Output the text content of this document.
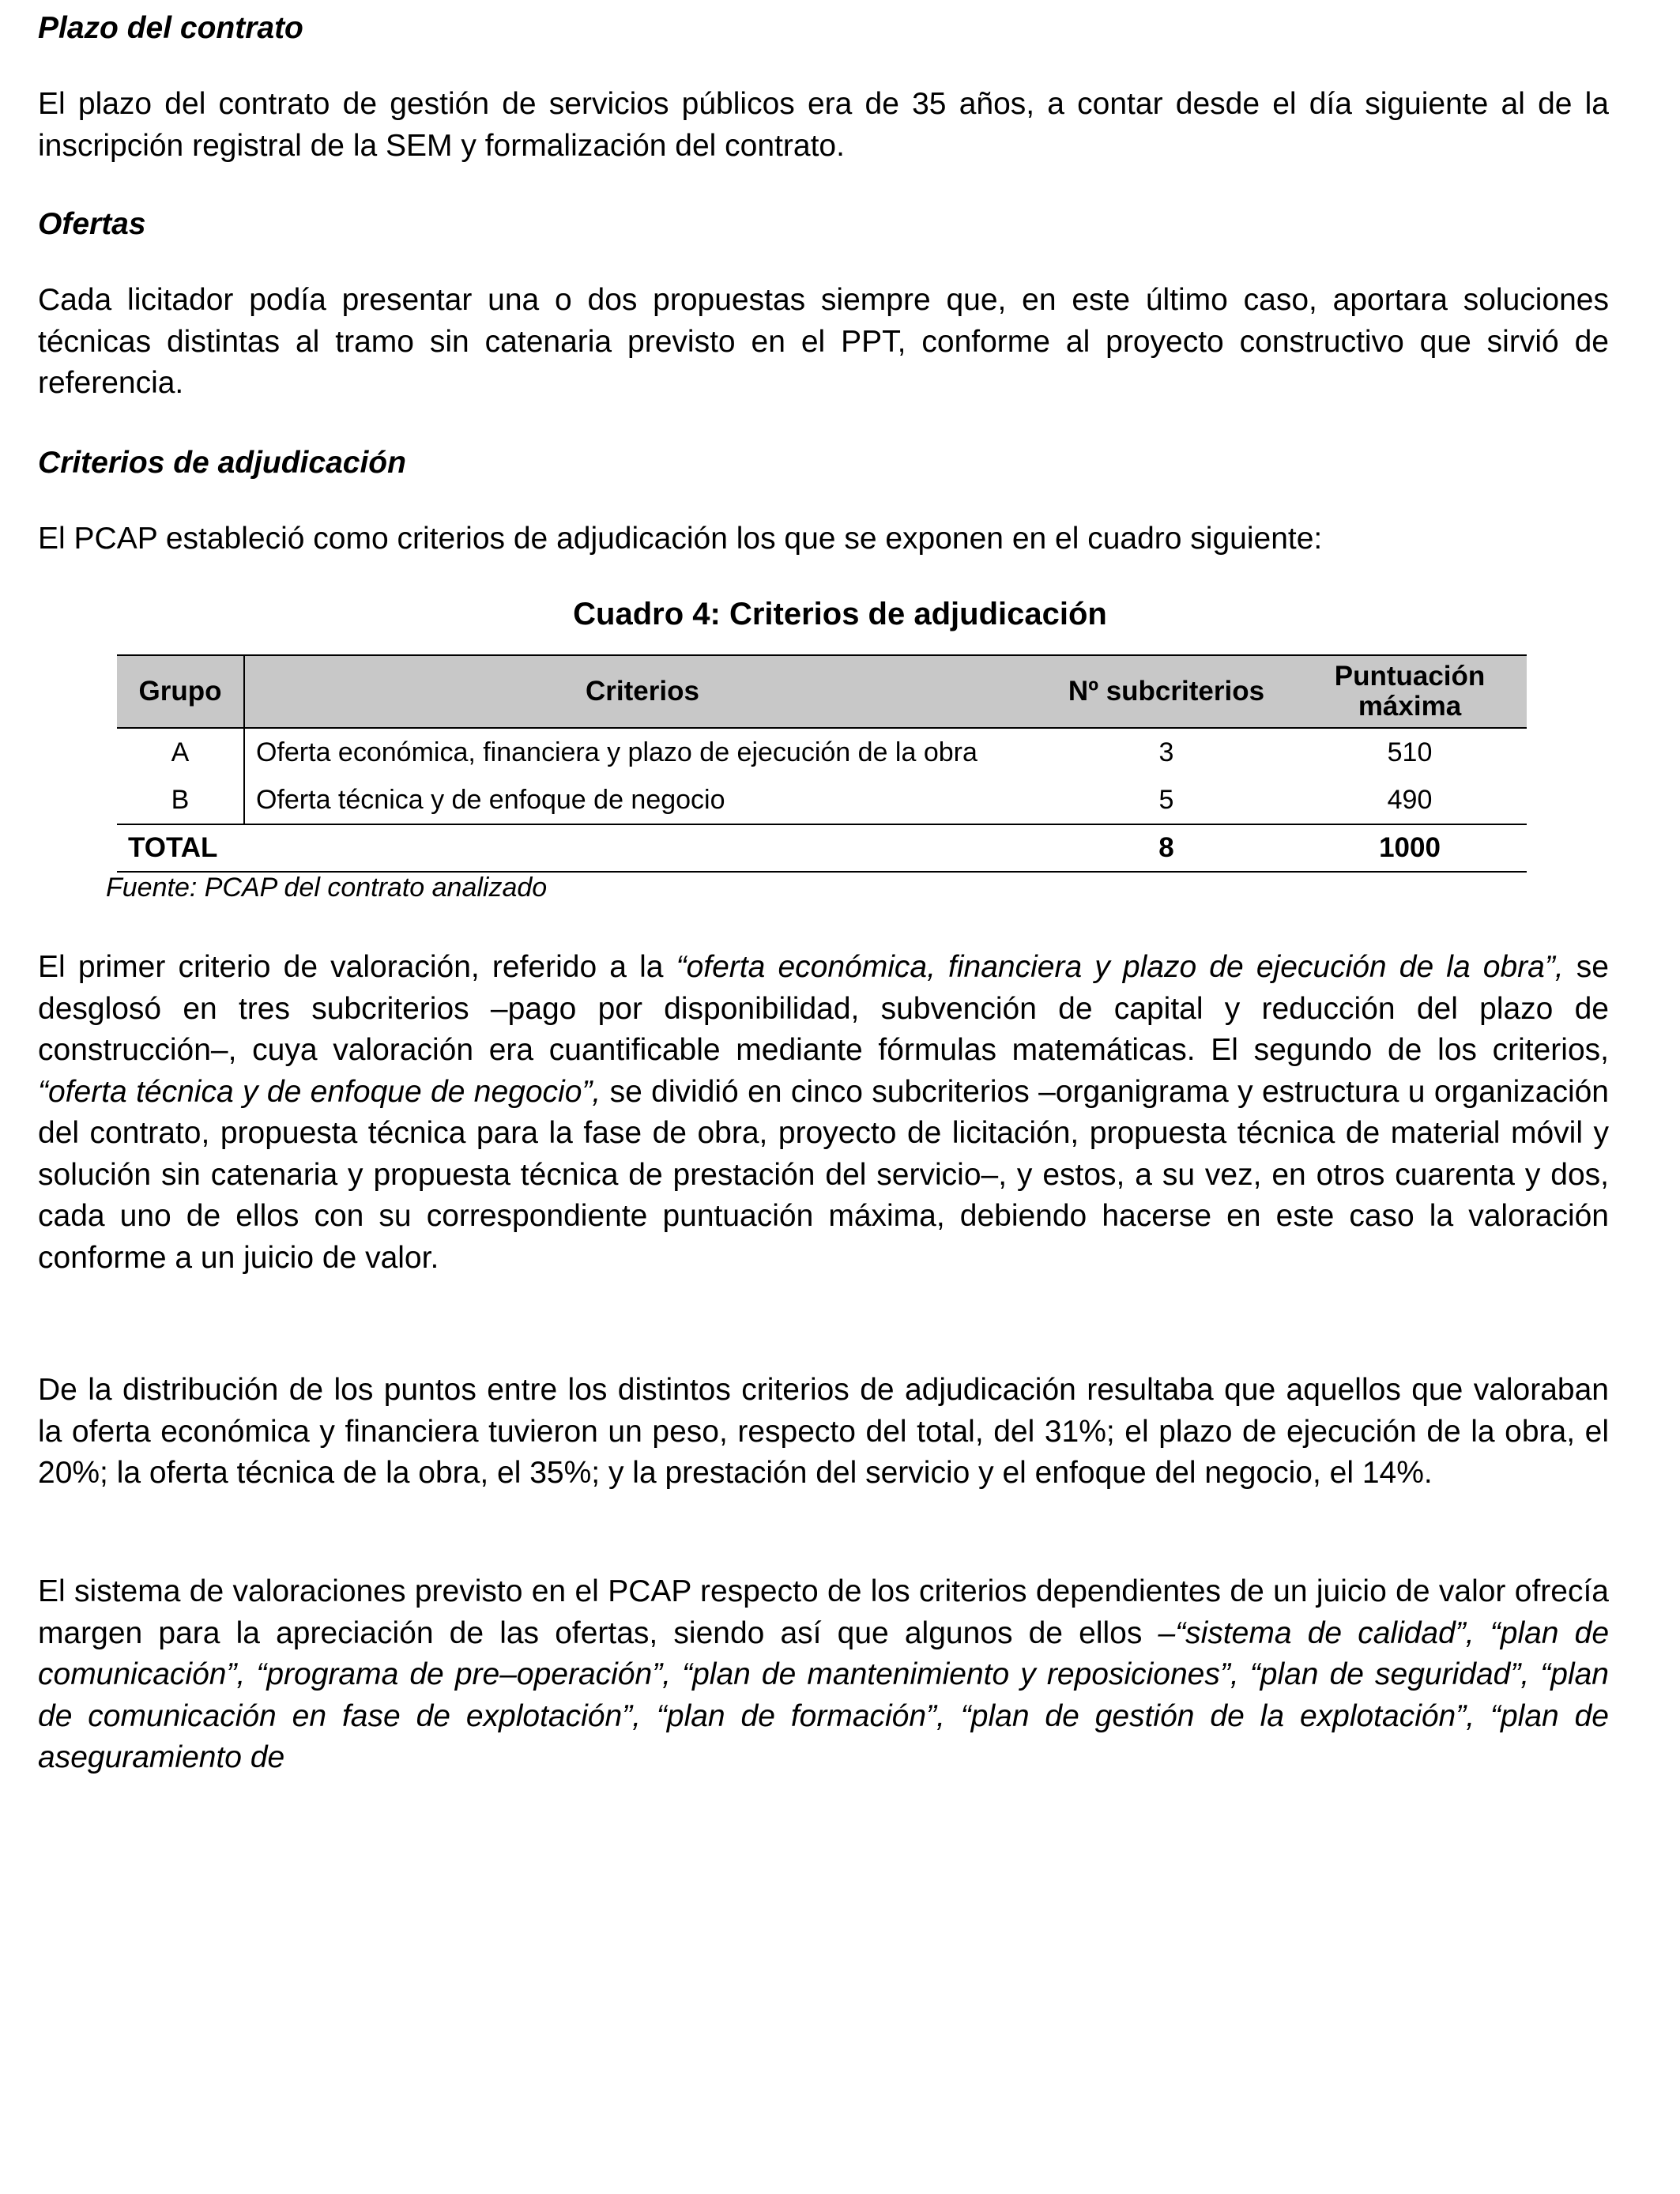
Plazo del contrato

El plazo del contrato de gestión de servicios públicos era de 35 años, a contar desde el día siguiente al de la inscripción registral de la SEM y formalización del contrato.

Ofertas

Cada licitador podía presentar una o dos propuestas siempre que, en este último caso, aportara soluciones técnicas distintas al tramo sin catenaria previsto en el PPT, conforme al proyecto constructivo que sirvió de referencia.

Criterios de adjudicación

El PCAP estableció como criterios de adjudicación los que se exponen en el cuadro siguiente:

Cuadro 4: Criterios de adjudicación
Grupo	Criterios	Nº subcriterios	Puntuación
máxima
A	Oferta económica, financiera y plazo de ejecución de la obra	3	510
B	Oferta técnica y de enfoque de negocio	5	490
TOTAL		8	1000
Fuente: PCAP del contrato analizado

El primer criterio de valoración, referido a la “oferta económica, financiera y plazo de ejecución de la obra”, se desglosó en tres subcriterios –pago por disponibilidad, subvención de capital y reducción del plazo de construcción–, cuya valoración era cuantificable mediante fórmulas matemáticas. El segundo de los criterios, “oferta técnica y de enfoque de negocio”, se dividió en cinco subcriterios –organigrama y estructura u organización del contrato, propuesta técnica para la fase de obra, proyecto de licitación, propuesta técnica de material móvil y solución sin catenaria y propuesta técnica de prestación del servicio–, y estos, a su vez, en otros cuarenta y dos, cada uno de ellos con su correspondiente puntuación máxima, debiendo hacerse en este caso la valoración conforme a un juicio de valor.

De la distribución de los puntos entre los distintos criterios de adjudicación resultaba que aquellos que valoraban la oferta económica y financiera tuvieron un peso, respecto del total, del 31%; el plazo de ejecución de la obra, el 20%; la oferta técnica de la obra, el 35%; y la prestación del servicio y el enfoque del negocio, el 14%.

El sistema de valoraciones previsto en el PCAP respecto de los criterios dependientes de un juicio de valor ofrecía margen para la apreciación de las ofertas, siendo así que algunos de ellos –“sistema de calidad”, “plan de comunicación”, “programa de pre–operación”, “plan de mantenimiento y reposiciones”, “plan de seguridad”, “plan de comunicación en fase de explotación”, “plan de formación”, “plan de gestión de la explotación”, “plan de aseguramiento de
